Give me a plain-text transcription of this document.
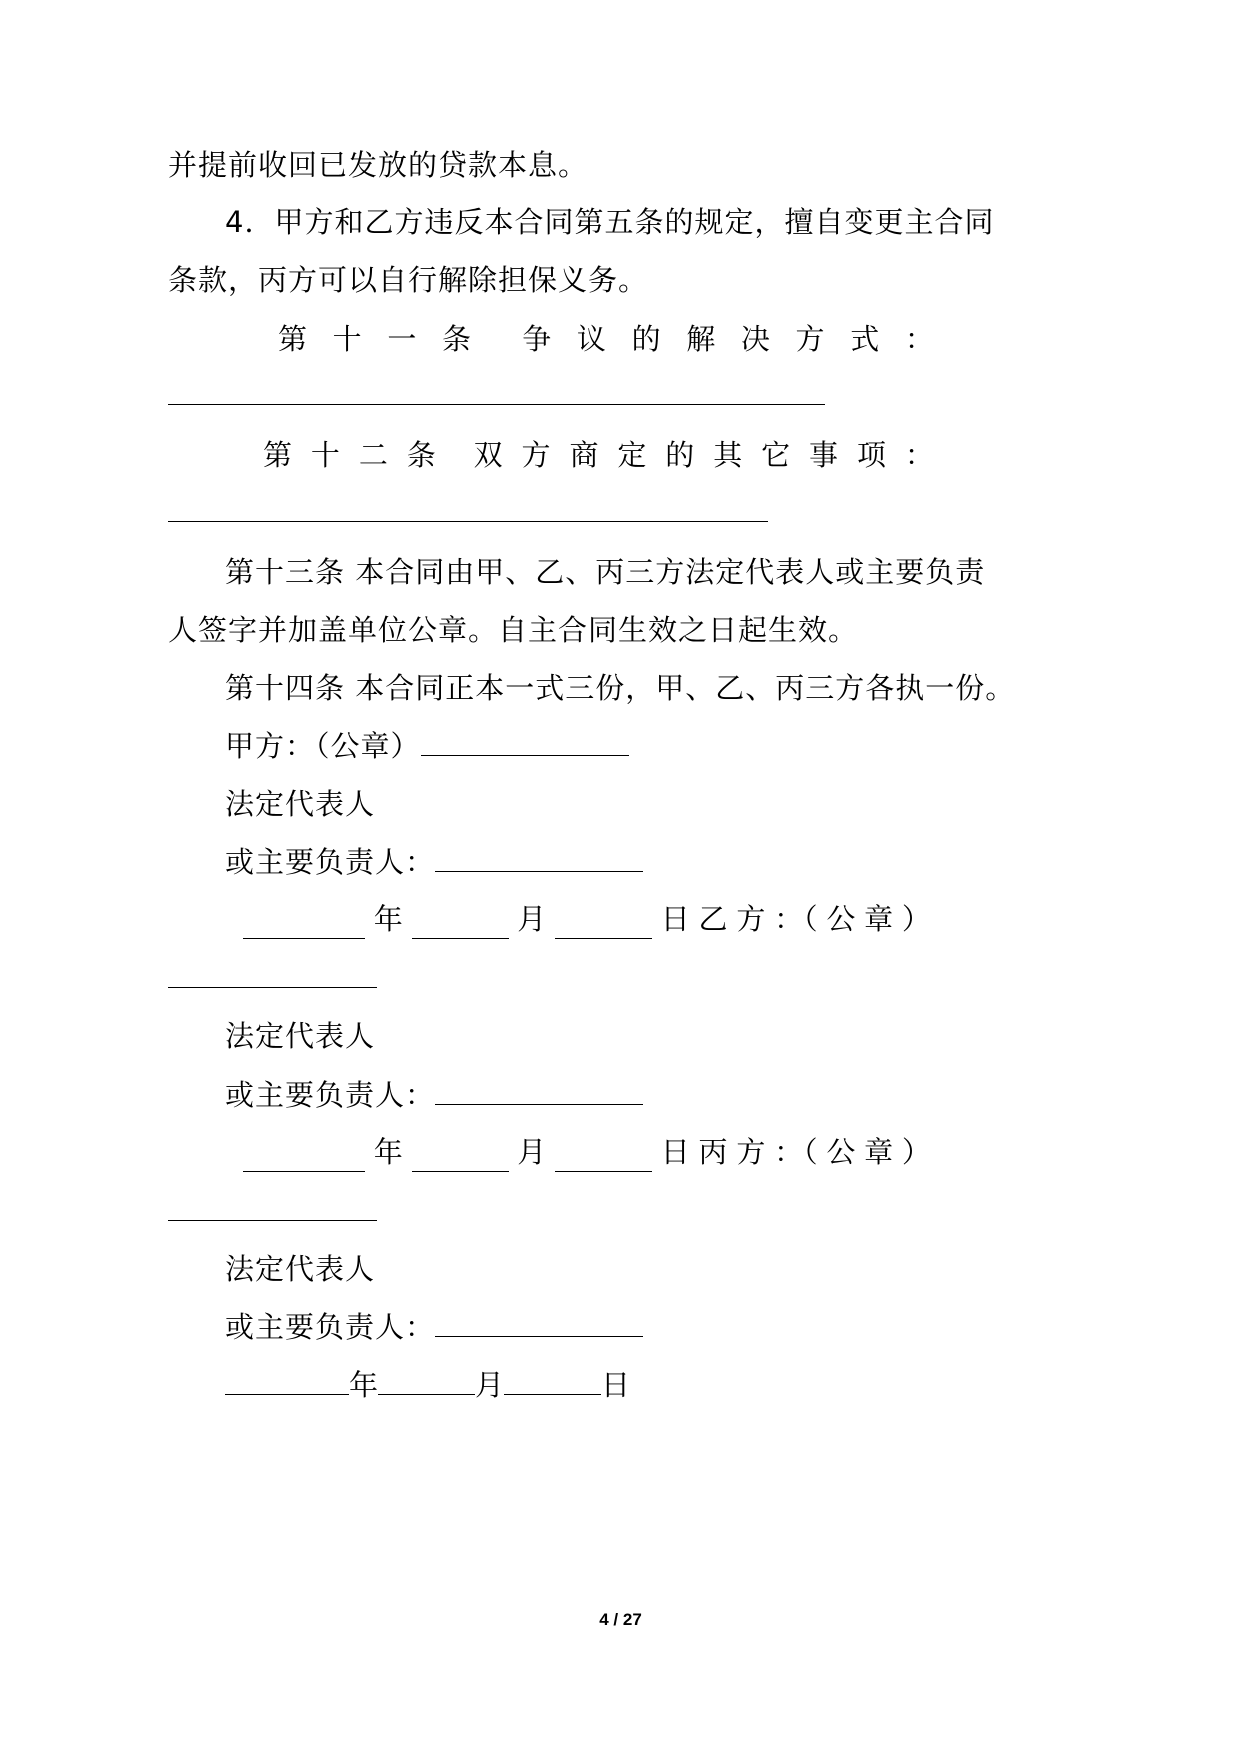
并提前收回已发放的贷款本息。
4．甲方和乙方违反本合同第五条的规定，擅自变更主合同
条款，丙方可以自行解除担保义务。
第 十 一 条 争 议 的 解 决 方 式 ：
第 十 二 条 双 方 商 定 的 其 它 事 项 ：
第十三条 本合同由甲、乙、丙三方法定代表人或主要负责
人签字并加盖单位公章。自主合同生效之日起生效。
第十四条 本合同正本一式三份，甲、乙、丙三方各执一份。
甲方：（公章）
法定代表人
或主要负责人：
年	月	日 乙 方 ：（ 公 章 ）
法定代表人
或主要负责人：
年	月	日 丙 方 ：（ 公 章 ）
法定代表人
或主要负责人：
年	月	日
4 / 27
